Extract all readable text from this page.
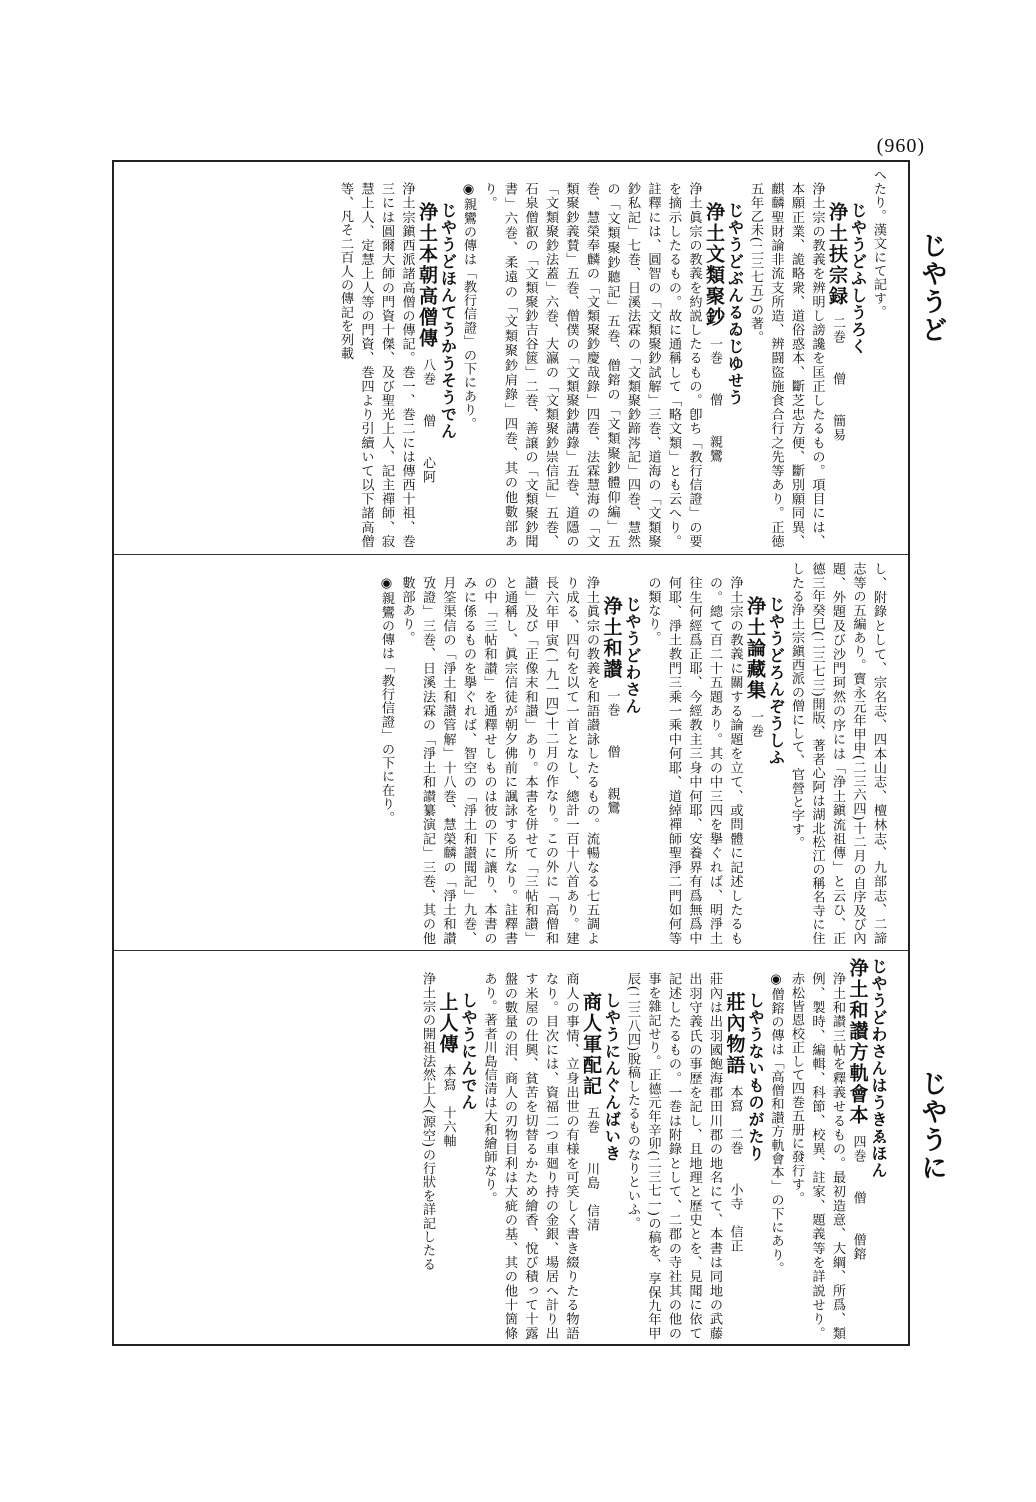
(960)
じやうど
じやうに
へたり。漢文にて記す。
じやうどふしうろく
浄土扶宗録 二巻　　僧　　簡易
浄土宗の教義を辨明し謗讒を匡正したるもの。項目には、本願正業、詭略衆、道俗惑本、斷芝忠方便、斷別願同異、麒麟聖財論非流支所造、辨闘盜施食合行之先等あり。正徳五年乙未(二三七五)の著。
じやうどぶんるゐじゆせう
浄土文類聚鈔 一巻　　僧　　親鸞
浄土眞宗の教義を約説したるもの。卽ち「教行信證」の要を摘示したるもの。故に通稱して「略文類」とも云へり。註釋には、圓智の「文類聚鈔試解」三巻、道海の「文類聚鈔私記」七巻、日溪法霖の「文類聚鈔蹄涔記」四巻、慧然の「文類聚鈔聽記」五巻、僧鎔の「文類聚鈔體仰編」五巻、慧榮奉麟の「文類聚鈔慶哉錄」四巻、法霖慧海の「文類聚鈔義賛」五巻、僧僕の「文類聚鈔講錄」五巻、道隱の「文類聚鈔法蓋」六巻、大瀛の「文類聚鈔崇信記」五巻、石泉僧叡の「文類聚鈔吉谷篋」二巻、善譲の「文類聚鈔聞書」六巻、柔遠の「文類聚鈔肩錄」四巻、其の他數部あり。
◉親鸞の傳は「教行信證」の下にあり。
じやうどほんてうかうそうでん
浄土本朝高僧傳 八巻　　僧　　心阿
浄土宗鎭西派諸高僧の傳記。巻一、巻二には傳西十祖、巻三には圓爾大師の門資十傑、及び聖光上人、記主禪師、寂慧上人、定慧上人等の門資、巻四より引續いて以下諸高僧等、凡そ二百人の傳記を列載
し、附錄として、宗名志、四本山志、檀林志、九部志、二諦志等の五編あり。寳永元年甲申(二三六四)十二月の自序及び內題、外題及び沙門珂然の序には「浄土鎭流祖傳」と云ひ、正德三年癸巳(二三七三)開版、著者心阿は湖北松江の稱名寺に住したる浄土宗鎭西派の僧にして、官營と字す。
じやうどろんぞうしふ
浄土論藏集 一巻
浄土宗の教義に關する論題を立て、或問體に記述したるもの。總て百二十五題あり。其の中三四を擧ぐれば、明淨土往生何經爲正耶、今經教主三身中何耶、安養界有爲無爲中何耶、淨土教門三乘一乘中何耶、道綽禪師聖淨二門如何等の類なり。
じやうどわさん
浄土和讃 一巻　　僧　　親鸞
浄土眞宗の教義を和語讃詠したるもの。流暢なる七五調より成る、四句を以て一首となし、總計一百十八首あり。建長六年甲寅(一九一四)十二月の作なり。この外に「高僧和讃」及び「正像末和讃」あり。本書を併せて「三帖和讃」と通稱し、眞宗信徒が朝夕佛前に諷詠する所なり。註釋書の中「三帖和讃」を通釋せしものは彼の下に讓り、本書のみに係るものを擧ぐれば、智空の「淨土和讃聞記」九巻、月筌渠信の「淨土和讃管解」十八巻、慧榮麟の「淨土和讃攷證」三巻、日溪法霖の「淨土和讃纂演記」三巻、其の他數部あり。
◉親鸞の傳は「教行信證」の下に在り。
じやうどわさんはうきゑほん
浄土和讃方軌會本 四巻　　僧　　僧鎔
浄土和讃三帖を釋義せるもの。最初造意、大綱、所爲、類例、製時、編輯、科節、校異、註家、題義等を詳説せり。赤松皆恩校正して四巻五册に發行す。
◉僧鎔の傳は「高僧和讃方軌會本」の下にあり。
しやうないものがたり
莊內物語 本寫　二巻　　小寺　信正
莊內は出羽國飽海郡田川郡の地名にて、本書は同地の武藤出羽守義氏の事歷を記し、且地理と歷史とを、見聞に依て記述したるもの。一巻は附錄として、二郡の寺社其の他の事を雜記せり。正德元年辛卯(二三七一)の稿を、享保九年甲辰(二三八四)脫稿したるものなりといふ。
しやうにんぐんばいき
商人軍配記 五巻　　川島　信清
商人の事情、立身出世の有様を可笑しく書き綴りたる物語なり。目次には、資福二つ車廻り持の金銀、場居へ計り出す米屋の仕興、貧苦を切替るかため繪香、悅び積って十露盤の數量の泪、商人の刃物目利は大疵の基、其の他十箇條あり。著者川島信清は大和繪師なり。
しやうにんでん
上人傳 本寫　十六軸
浄土宗の開祖法然上人(源空)の行狀を詳記したる
